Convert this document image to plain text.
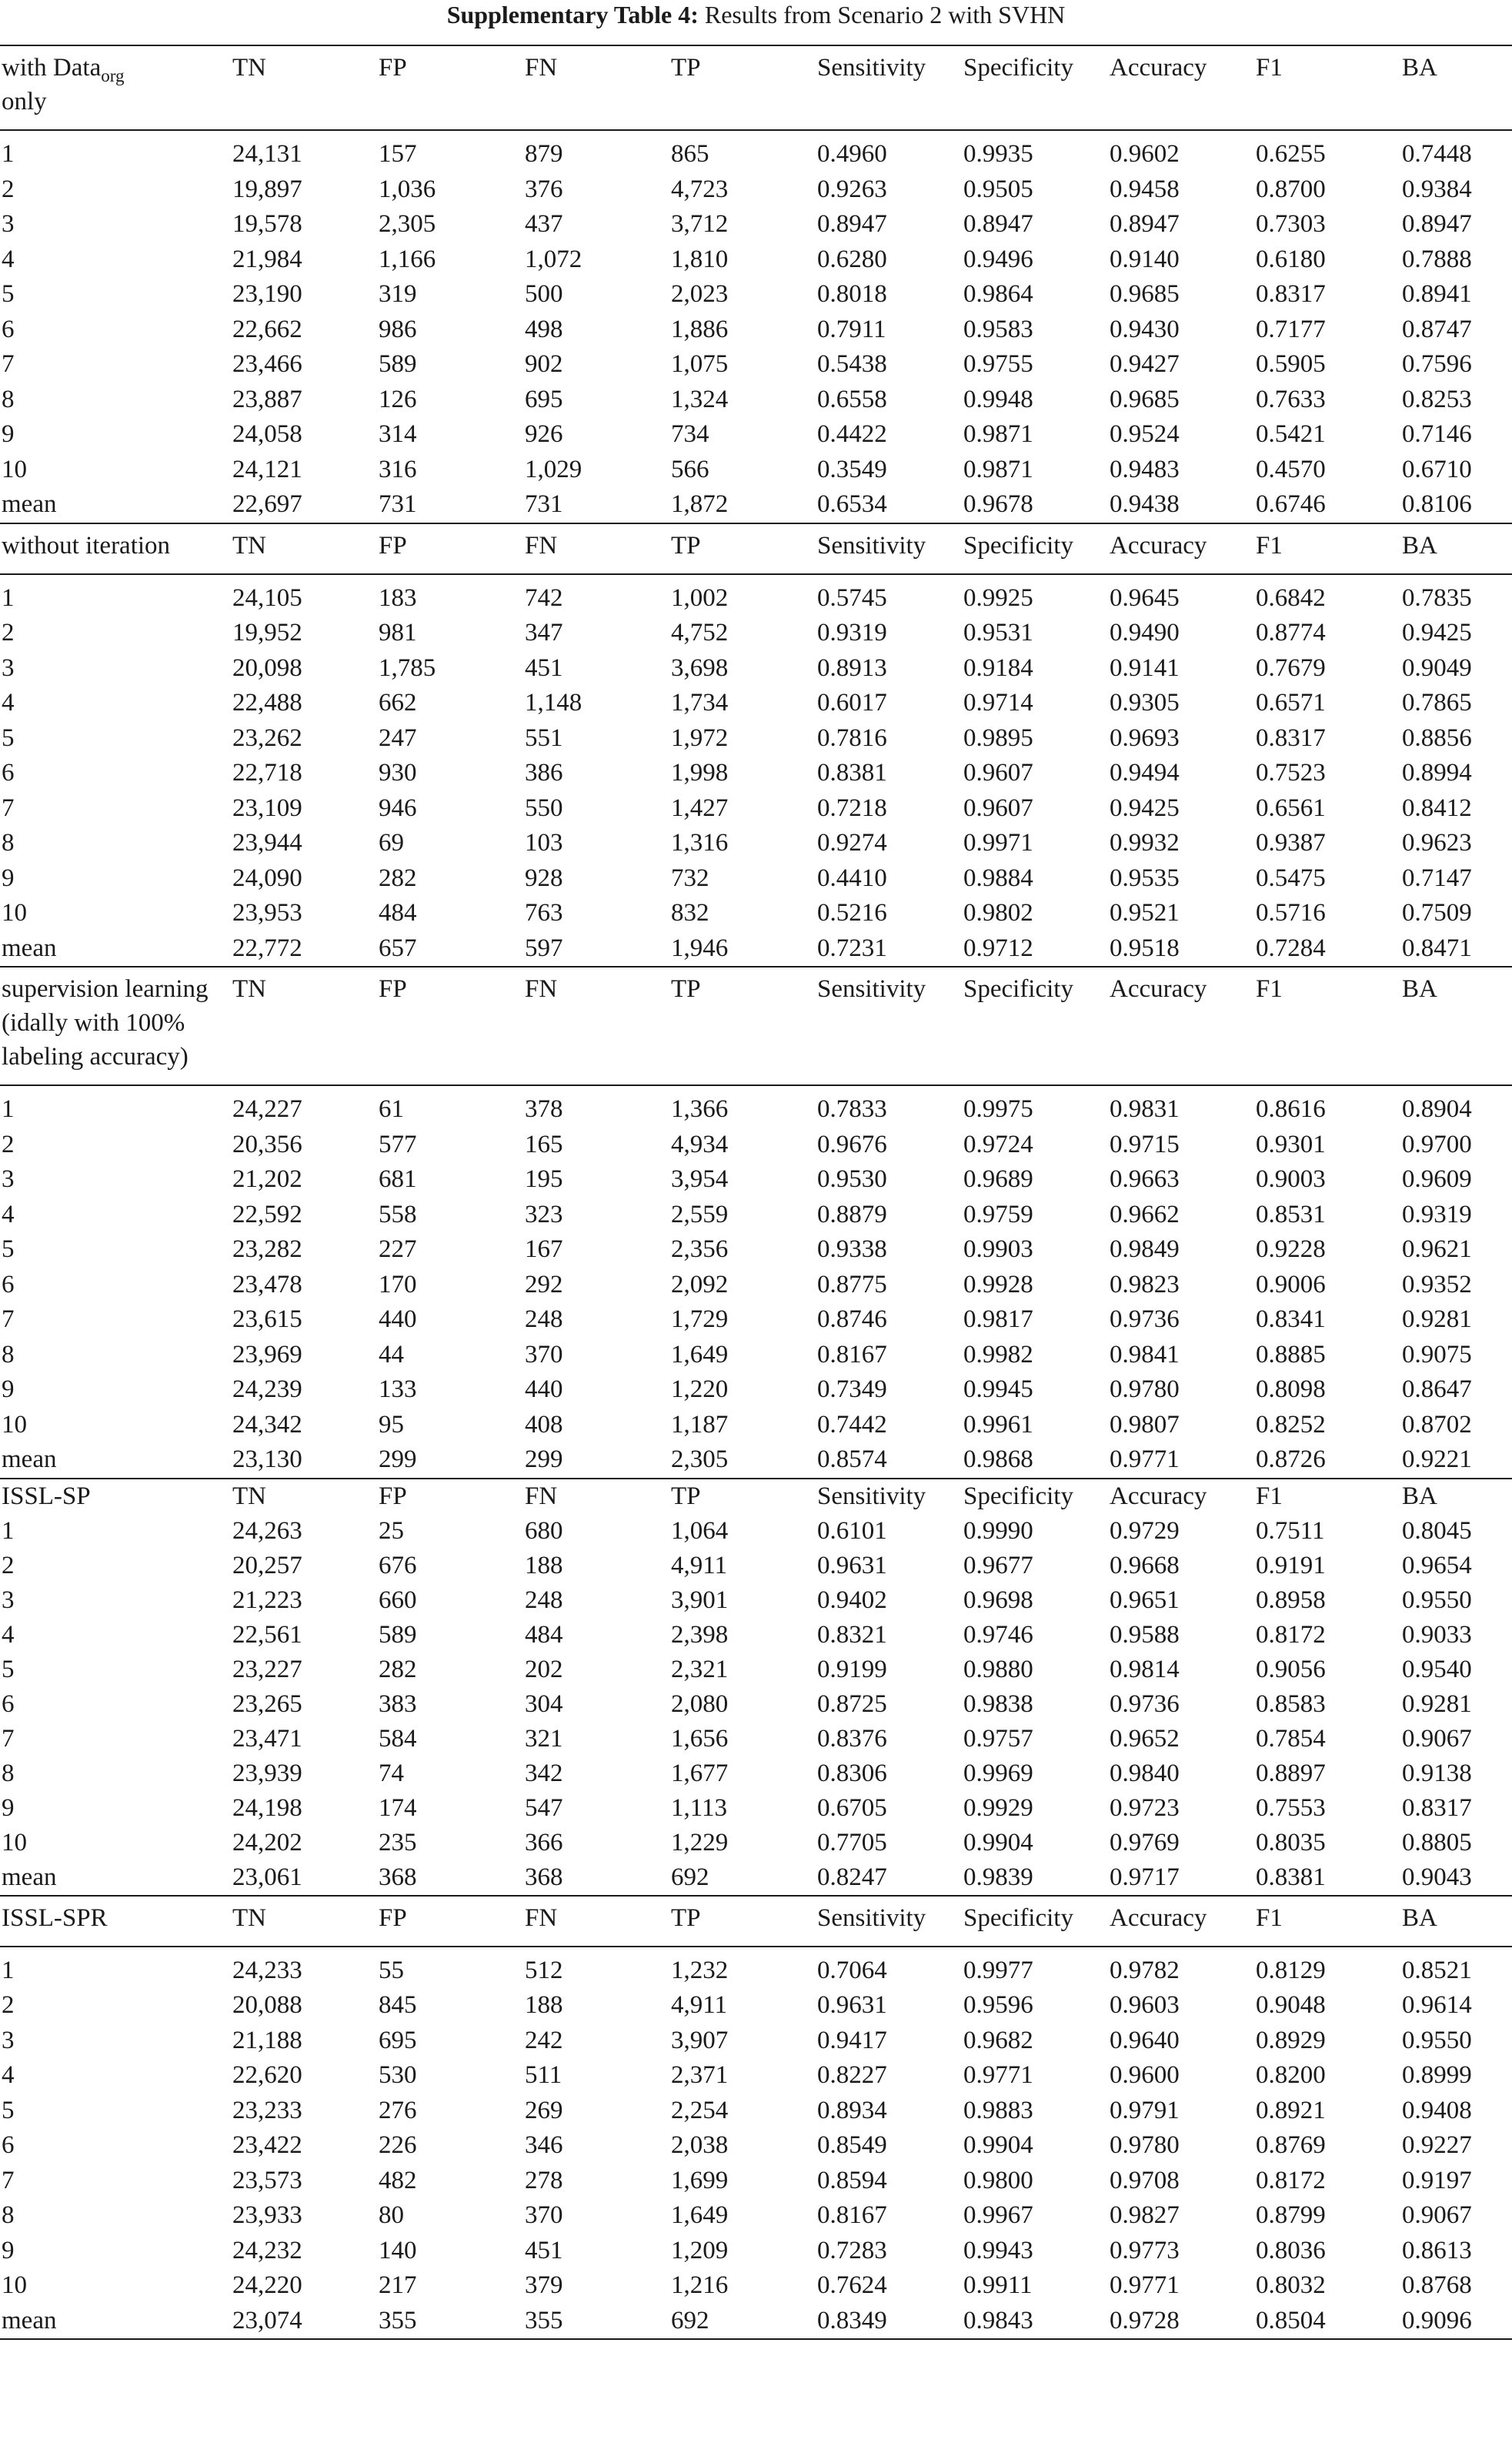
Supplementary Table 4: Results from Scenario 2 with SVHN
with Data$_{org}$
only	TN	FP	FN	TP	Sensitivity	Specificity	Accuracy	F1	BA
1	24,131	157	879	865	0.4960	0.9935	0.9602	0.6255	0.7448
2	19,897	1,036	376	4,723	0.9263	0.9505	0.9458	0.8700	0.9384
3	19,578	2,305	437	3,712	0.8947	0.8947	0.8947	0.7303	0.8947
4	21,984	1,166	1,072	1,810	0.6280	0.9496	0.9140	0.6180	0.7888
5	23,190	319	500	2,023	0.8018	0.9864	0.9685	0.8317	0.8941
6	22,662	986	498	1,886	0.7911	0.9583	0.9430	0.7177	0.8747
7	23,466	589	902	1,075	0.5438	0.9755	0.9427	0.5905	0.7596
8	23,887	126	695	1,324	0.6558	0.9948	0.9685	0.7633	0.8253
9	24,058	314	926	734	0.4422	0.9871	0.9524	0.5421	0.7146
10	24,121	316	1,029	566	0.3549	0.9871	0.9483	0.4570	0.6710
mean	22,697	731	731	1,872	0.6534	0.9678	0.9438	0.6746	0.8106
without iteration	TN	FP	FN	TP	Sensitivity	Specificity	Accuracy	F1	BA
1	24,105	183	742	1,002	0.5745	0.9925	0.9645	0.6842	0.7835
2	19,952	981	347	4,752	0.9319	0.9531	0.9490	0.8774	0.9425
3	20,098	1,785	451	3,698	0.8913	0.9184	0.9141	0.7679	0.9049
4	22,488	662	1,148	1,734	0.6017	0.9714	0.9305	0.6571	0.7865
5	23,262	247	551	1,972	0.7816	0.9895	0.9693	0.8317	0.8856
6	22,718	930	386	1,998	0.8381	0.9607	0.9494	0.7523	0.8994
7	23,109	946	550	1,427	0.7218	0.9607	0.9425	0.6561	0.8412
8	23,944	69	103	1,316	0.9274	0.9971	0.9932	0.9387	0.9623
9	24,090	282	928	732	0.4410	0.9884	0.9535	0.5475	0.7147
10	23,953	484	763	832	0.5216	0.9802	0.9521	0.5716	0.7509
mean	22,772	657	597	1,946	0.7231	0.9712	0.9518	0.7284	0.8471
supervision learning (idally with 100% labeling accuracy)	TN	FP	FN	TP	Sensitivity	Specificity	Accuracy	F1	BA
1	24,227	61	378	1,366	0.7833	0.9975	0.9831	0.8616	0.8904
2	20,356	577	165	4,934	0.9676	0.9724	0.9715	0.9301	0.9700
3	21,202	681	195	3,954	0.9530	0.9689	0.9663	0.9003	0.9609
4	22,592	558	323	2,559	0.8879	0.9759	0.9662	0.8531	0.9319
5	23,282	227	167	2,356	0.9338	0.9903	0.9849	0.9228	0.9621
6	23,478	170	292	2,092	0.8775	0.9928	0.9823	0.9006	0.9352
7	23,615	440	248	1,729	0.8746	0.9817	0.9736	0.8341	0.9281
8	23,969	44	370	1,649	0.8167	0.9982	0.9841	0.8885	0.9075
9	24,239	133	440	1,220	0.7349	0.9945	0.9780	0.8098	0.8647
10	24,342	95	408	1,187	0.7442	0.9961	0.9807	0.8252	0.8702
mean	23,130	299	299	2,305	0.8574	0.9868	0.9771	0.8726	0.9221
ISSL-SP	TN	FP	FN	TP	Sensitivity	Specificity	Accuracy	F1	BA
1	24,263	25	680	1,064	0.6101	0.9990	0.9729	0.7511	0.8045
2	20,257	676	188	4,911	0.9631	0.9677	0.9668	0.9191	0.9654
3	21,223	660	248	3,901	0.9402	0.9698	0.9651	0.8958	0.9550
4	22,561	589	484	2,398	0.8321	0.9746	0.9588	0.8172	0.9033
5	23,227	282	202	2,321	0.9199	0.9880	0.9814	0.9056	0.9540
6	23,265	383	304	2,080	0.8725	0.9838	0.9736	0.8583	0.9281
7	23,471	584	321	1,656	0.8376	0.9757	0.9652	0.7854	0.9067
8	23,939	74	342	1,677	0.8306	0.9969	0.9840	0.8897	0.9138
9	24,198	174	547	1,113	0.6705	0.9929	0.9723	0.7553	0.8317
10	24,202	235	366	1,229	0.7705	0.9904	0.9769	0.8035	0.8805
mean	23,061	368	368	692	0.8247	0.9839	0.9717	0.8381	0.9043
ISSL-SPR	TN	FP	FN	TP	Sensitivity	Specificity	Accuracy	F1	BA
1	24,233	55	512	1,232	0.7064	0.9977	0.9782	0.8129	0.8521
2	20,088	845	188	4,911	0.9631	0.9596	0.9603	0.9048	0.9614
3	21,188	695	242	3,907	0.9417	0.9682	0.9640	0.8929	0.9550
4	22,620	530	511	2,371	0.8227	0.9771	0.9600	0.8200	0.8999
5	23,233	276	269	2,254	0.8934	0.9883	0.9791	0.8921	0.9408
6	23,422	226	346	2,038	0.8549	0.9904	0.9780	0.8769	0.9227
7	23,573	482	278	1,699	0.8594	0.9800	0.9708	0.8172	0.9197
8	23,933	80	370	1,649	0.8167	0.9967	0.9827	0.8799	0.9067
9	24,232	140	451	1,209	0.7283	0.9943	0.9773	0.8036	0.8613
10	24,220	217	379	1,216	0.7624	0.9911	0.9771	0.8032	0.8768
mean	23,074	355	355	692	0.8349	0.9843	0.9728	0.8504	0.9096
